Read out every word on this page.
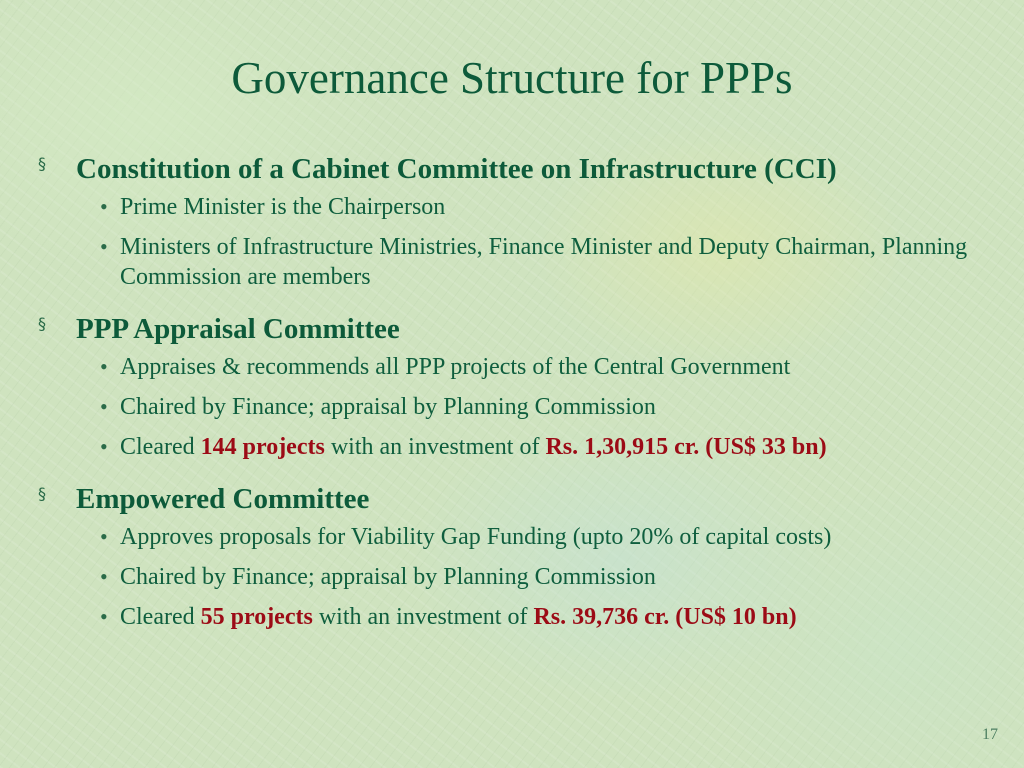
Governance Structure for PPPs
§ Constitution of a Cabinet Committee on Infrastructure (CCI)
• Prime Minister is the Chairperson
• Ministers of Infrastructure Ministries, Finance Minister and Deputy Chairman, Planning Commission are members
§ PPP Appraisal Committee
• Appraises & recommends all PPP projects of the Central Government
• Chaired by Finance; appraisal by Planning Commission
• Cleared 144 projects with an investment of Rs. 1,30,915 cr. (US$ 33 bn)
§ Empowered Committee
• Approves proposals for Viability Gap Funding (upto 20% of capital costs)
• Chaired by Finance; appraisal by Planning Commission
• Cleared 55 projects with an investment of Rs. 39,736 cr. (US$ 10 bn)
17
